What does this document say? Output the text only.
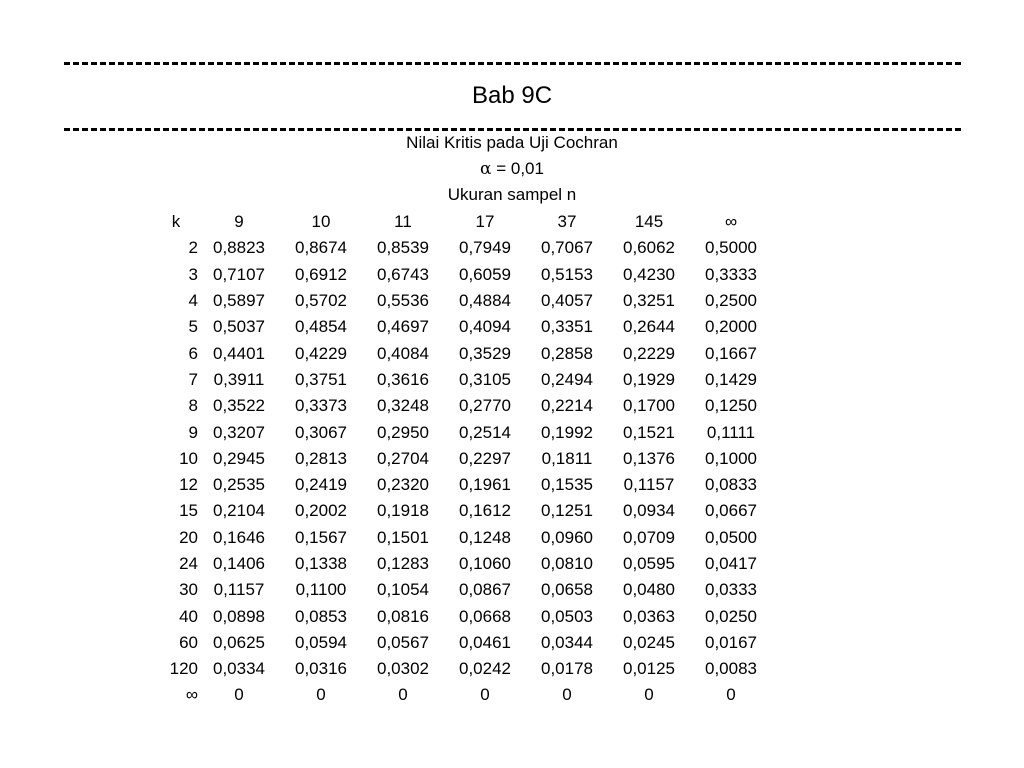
Bab 9C
Nilai Kritis pada Uji Cochran
α = 0,01
Ukuran sampel n
k	9	10	11	17	37	145	∞
2	0,8823	0,8674	0,8539	0,7949	0,7067	0,6062	0,5000
3	0,7107	0,6912	0,6743	0,6059	0,5153	0,4230	0,3333
4	0,5897	0,5702	0,5536	0,4884	0,4057	0,3251	0,2500
5	0,5037	0,4854	0,4697	0,4094	0,3351	0,2644	0,2000
6	0,4401	0,4229	0,4084	0,3529	0,2858	0,2229	0,1667
7	0,3911	0,3751	0,3616	0,3105	0,2494	0,1929	0,1429
8	0,3522	0,3373	0,3248	0,2770	0,2214	0,1700	0,1250
9	0,3207	0,3067	0,2950	0,2514	0,1992	0,1521	0,1111
10	0,2945	0,2813	0,2704	0,2297	0,1811	0,1376	0,1000
12	0,2535	0,2419	0,2320	0,1961	0,1535	0,1157	0,0833
15	0,2104	0,2002	0,1918	0,1612	0,1251	0,0934	0,0667
20	0,1646	0,1567	0,1501	0,1248	0,0960	0,0709	0,0500
24	0,1406	0,1338	0,1283	0,1060	0,0810	0,0595	0,0417
30	0,1157	0,1100	0,1054	0,0867	0,0658	0,0480	0,0333
40	0,0898	0,0853	0,0816	0,0668	0,0503	0,0363	0,0250
60	0,0625	0,0594	0,0567	0,0461	0,0344	0,0245	0,0167
120	0,0334	0,0316	0,0302	0,0242	0,0178	0,0125	0,0083
∞	0	0	0	0	0	0	0
